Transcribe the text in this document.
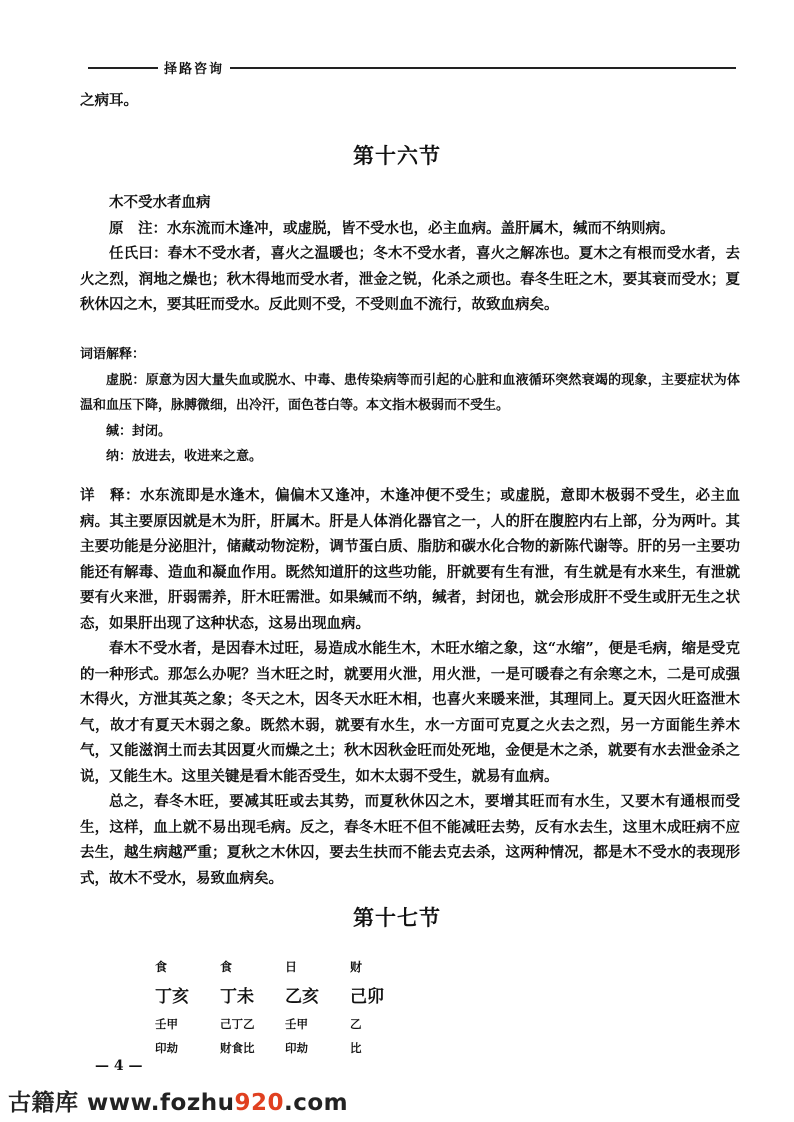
择路咨询

之病耳。

第十六节

木不受水者血病

原　注：水东流而木逢冲，或虚脱，皆不受水也，必主血病。盖肝属木，缄而不纳则病。

任氏曰：春木不受水者，喜火之温暖也；冬木不受水者，喜火之解冻也。夏木之有根而受水者，去火之烈，润地之燥也；秋木得地而受水者，泄金之锐，化杀之顽也。春冬生旺之木，要其衰而受水；夏秋休囚之木，要其旺而受水。反此则不受，不受则血不流行，故致血病矣。

词语解释：

虚脱：原意为因大量失血或脱水、中毒、患传染病等而引起的心脏和血液循环突然衰竭的现象，主要症状为体温和血压下降，脉膊微细，出冷汗，面色苍白等。本文指木极弱而不受生。

缄：封闭。

纳：放进去，收进来之意。

详　释：水东流即是水逢木，偏偏木又逢冲，木逢冲便不受生；或虚脱，意即木极弱不受生，必主血病。其主要原因就是木为肝，肝属木。肝是人体消化器官之一，人的肝在腹腔内右上部，分为两叶。其主要功能是分泌胆汁，储藏动物淀粉，调节蛋白质、脂肪和碳水化合物的新陈代谢等。肝的另一主要功能还有解毒、造血和凝血作用。既然知道肝的这些功能，肝就要有生有泄，有生就是有水来生，有泄就要有火来泄，肝弱需养，肝木旺需泄。如果缄而不纳，缄者，封闭也，就会形成肝不受生或肝无生之状态，如果肝出现了这种状态，这易出现血病。

春木不受水者，是因春木过旺，易造成水能生木，木旺水缩之象，这“水缩”，便是毛病，缩是受克的一种形式。那怎么办呢？当木旺之时，就要用火泄，用火泄，一是可暖春之有余寒之木，二是可成强木得火，方泄其英之象；冬天之木，因冬天水旺木相，也喜火来暖来泄，其理同上。夏天因火旺盗泄木气，故才有夏天木弱之象。既然木弱，就要有水生，水一方面可克夏之火去之烈，另一方面能生养木气，又能滋润土而去其因夏火而燥之土；秋木因秋金旺而处死地，金便是木之杀，就要有水去泄金杀之说，又能生木。这里关键是看木能否受生，如木太弱不受生，就易有血病。

总之，春冬木旺，要减其旺或去其势，而夏秋休囚之木，要增其旺而有水生，又要木有通根而受生，这样，血上就不易出现毛病。反之，春冬木旺不但不能减旺去势，反有水去生，这里木成旺病不应去生，越生病越严重；夏秋之木休囚，要去生扶而不能去克去杀，这两种情况，都是木不受水的表现形式，故木不受水，易致血病矣。

第十七节
食	食	日	财
丁亥	丁未	乙亥	己卯
壬甲	己丁乙	壬甲	乙
印劫	财食比	印劫	比
— 4 —
古籍库 www.fozhu920.com
